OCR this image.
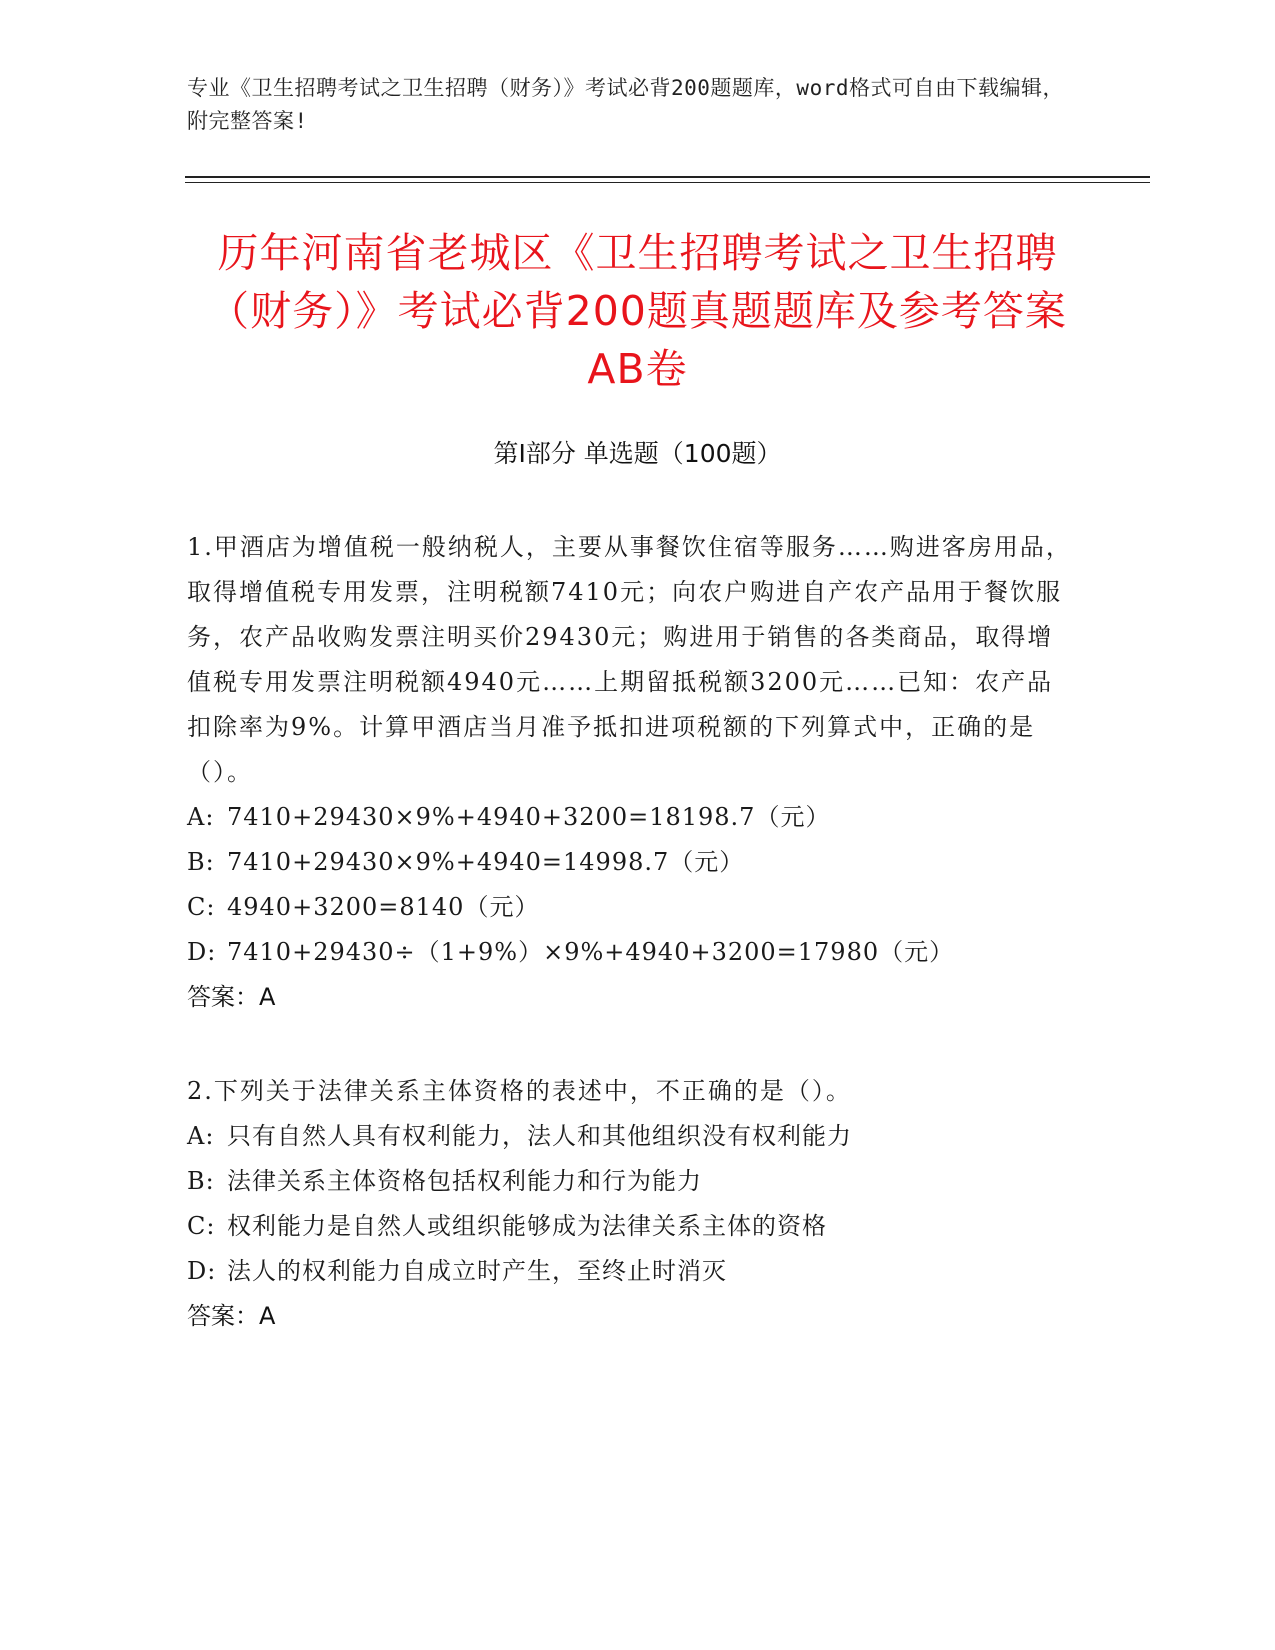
专业《卫生招聘考试之卫生招聘（财务）》考试必背200题题库，word格式可自由下载编辑，附完整答案!
历年河南省老城区《卫生招聘考试之卫生招聘（财务）》考试必背200题真题题库及参考答案AB卷
第Ⅰ部分 单选题（100题）
1.甲酒店为增值税一般纳税人，主要从事餐饮住宿等服务……购进客房用品，取得增值税专用发票，注明税额7410元；向农户购进自产农产品用于餐饮服务，农产品收购发票注明买价29430元；购进用于销售的各类商品，取得增值税专用发票注明税额4940元……上期留抵税额3200元……已知：农产品扣除率为9%。计算甲酒店当月准予抵扣进项税额的下列算式中，正确的是（）。
A: 7410+29430×9%+4940+3200=18198.7（元）
B: 7410+29430×9%+4940=14998.7（元）
C: 4940+3200=8140（元）
D: 7410+29430÷（1+9%）×9%+4940+3200=17980（元）
答案：A
2.下列关于法律关系主体资格的表述中，不正确的是（）。
A: 只有自然人具有权利能力，法人和其他组织没有权利能力
B: 法律关系主体资格包括权利能力和行为能力
C: 权利能力是自然人或组织能够成为法律关系主体的资格
D: 法人的权利能力自成立时产生，至终止时消灭
答案：A
